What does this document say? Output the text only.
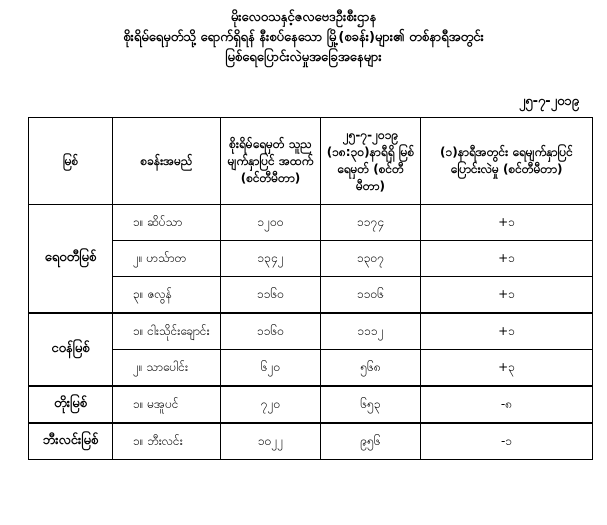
မိုးလေဝသနှင့်ဇလဗေဒဦးစီးဌာန
စိုးရိမ်ရေမှတ်သို့ ရောက်ရှိရန် နီးစပ်နေသော မြို့(စခန်း)များ၏ တစ်နာရီအတွင်း
မြစ်ရေပြောင်းလဲမှုအခြေအနေများ
၂၅-၇-၂၀၁၉
မြစ်	စခန်းအမည်	စိုးရိမ်ရေမှတ် သူညမျက်နှာပြင် အထက် (စင်တီမီတာ)	၂၅-၇-၂၀၁၉ (၁၈:၃၀)နာရီရှိ မြစ်ရေမှတ် (စင်တီမီတာ)	(၁)နာရီအတွင်း ရေမျက်နှာပြင်ပြောင်းလဲမှု (စင်တီမီတာ)
ရေ၀တီမြစ်	၁။ ဆိပ်သာ	၁၂၀၀	၁၁၇၄	+၁
	၂။ ဟသ်ာတ	၁၃၄၂	၁၃၀၇	+၁
	၃။ ဇလွန်	၁၁၆၀	၁၁၀၆	+၁
ငဝန်မြစ်	၁။ ငါးသိုင်းချောင်း	၁၁၆၀	၁၁၁၂	+၁
	၂။ သာပေါင်း	၆၂၀	၅၆၈	+၃
တိုးမြစ်	၁။ မအူပင်	၇၂၀	၆၅၃	-၈
ဘီးလင်းမြစ်	၁။ ဘီးလင်း	၁၀၂၂	၉၅၆	-၁
